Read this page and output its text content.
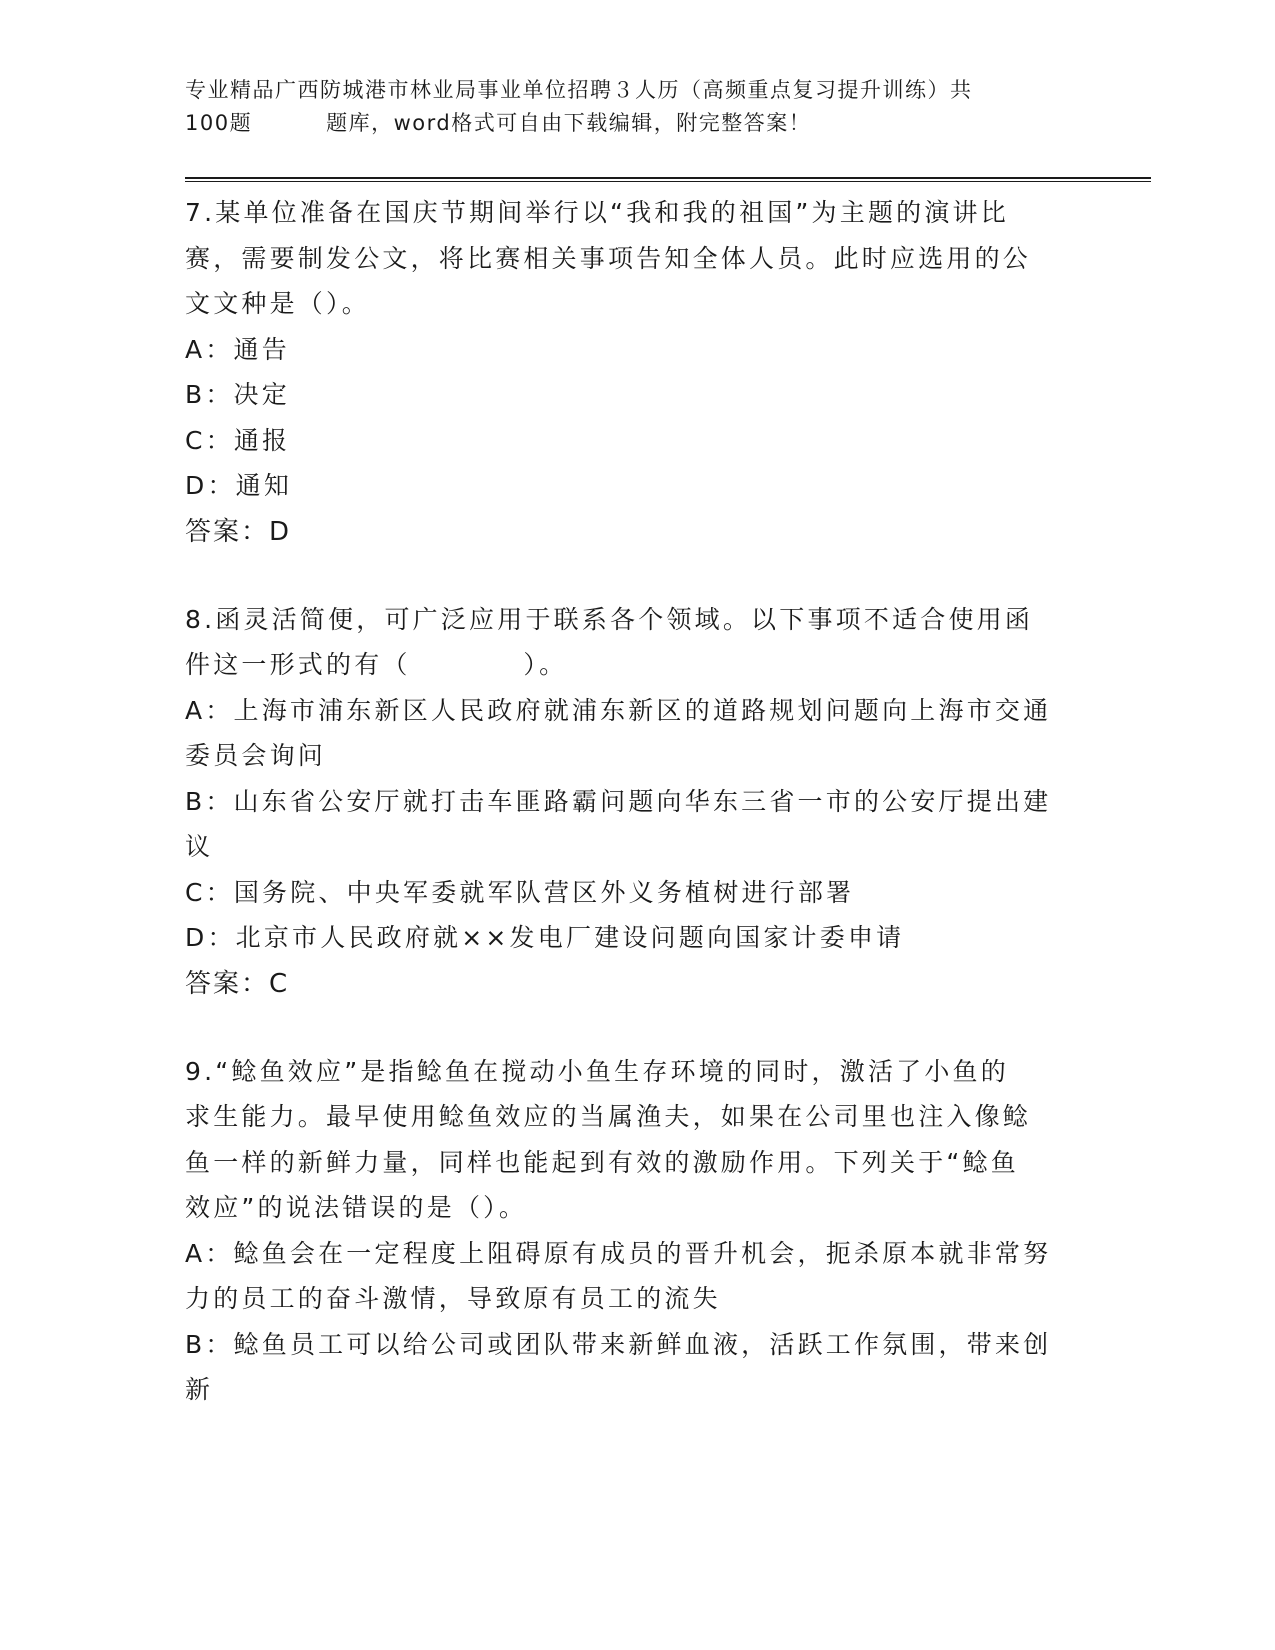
专业精品广西防城港市林业局事业单位招聘３人历（高频重点复习提升训练）共
100题	题库，word格式可自由下载编辑，附完整答案！
7.某单位准备在国庆节期间举行以“我和我的祖国”为主题的演讲比
赛，需要制发公文，将比赛相关事项告知全体人员。此时应选用的公
文文种是（）。
A：通告
B：决定
C：通报
D：通知
答案：D
8.函灵活简便，可广泛应用于联系各个领域。以下事项不适合使用函
件这一形式的有（　　　　）。
A：上海市浦东新区人民政府就浦东新区的道路规划问题向上海市交通
委员会询问
B：山东省公安厅就打击车匪路霸问题向华东三省一市的公安厅提出建
议
C：国务院、中央军委就军队营区外义务植树进行部署
D：北京市人民政府就××发电厂建设问题向国家计委申请
答案：C
9.“鲶鱼效应”是指鲶鱼在搅动小鱼生存环境的同时，激活了小鱼的
求生能力。最早使用鲶鱼效应的当属渔夫，如果在公司里也注入像鲶
鱼一样的新鲜力量，同样也能起到有效的激励作用。下列关于“鲶鱼
效应”的说法错误的是（）。
A：鲶鱼会在一定程度上阻碍原有成员的晋升机会，扼杀原本就非常努
力的员工的奋斗激情，导致原有员工的流失
B：鲶鱼员工可以给公司或团队带来新鲜血液，活跃工作氛围，带来创
新
